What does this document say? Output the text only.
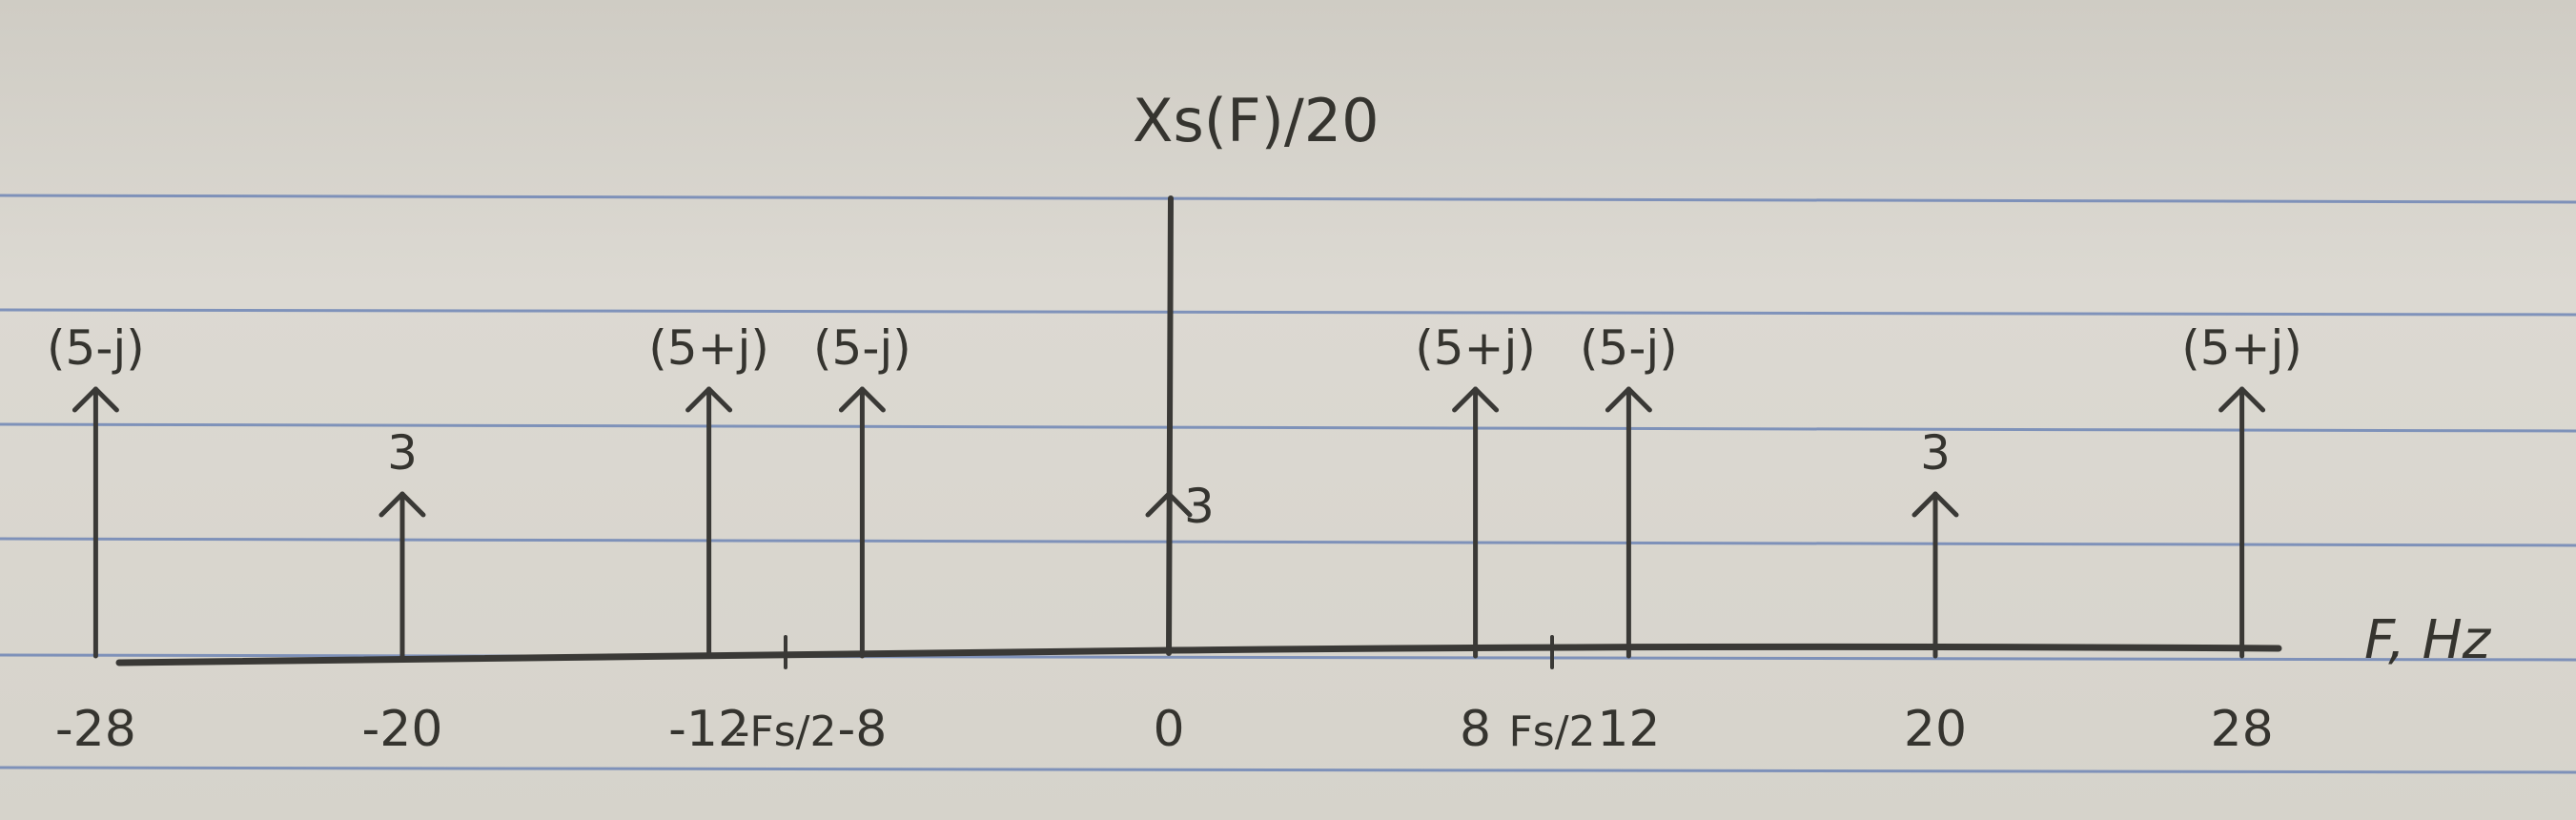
Xs(F)/20
F, Hz
(5-j)
3
(5+j) (5-j)
3
(5+j) (5-j)
3
(5+j)
-28	-20	-12
-Fs/2 -8	0	8 Fs/2 12	20	28
